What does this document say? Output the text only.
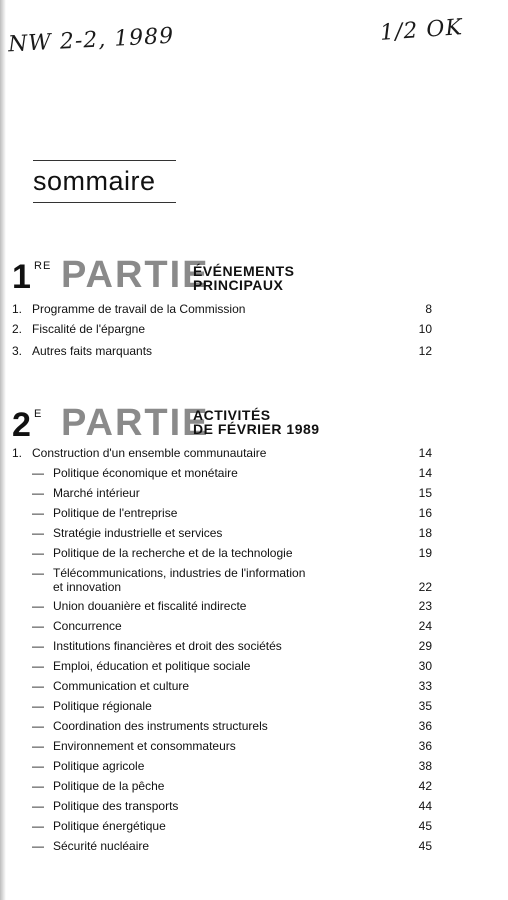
NW 2-2, 1989	1/2 OK
sommaire
1 RE PARTIE
ÉVÉNEMENTS
PRINCIPAUX
1. Programme de travail de la Commission	8
2. Fiscalité de l'épargne	10
3. Autres faits marquants	12
2 E PARTIE
ACTIVITÉS
DE FÉVRIER 1989
1. Construction d'un ensemble communautaire	14
— Politique économique et monétaire	14
— Marché intérieur	15
— Politique de l'entreprise	16
— Stratégie industrielle et services	18
— Politique de la recherche et de la technologie	19
— Télécommunications, industries de l'information
et innovation	22
— Union douanière et fiscalité indirecte	23
— Concurrence	24
— Institutions financières et droit des sociétés	29
— Emploi, éducation et politique sociale	30
— Communication et culture	33
— Politique régionale	35
— Coordination des instruments structurels	36
— Environnement et consommateurs	36
— Politique agricole	38
— Politique de la pêche	42
— Politique des transports	44
— Politique énergétique	45
— Sécurité nucléaire	45
